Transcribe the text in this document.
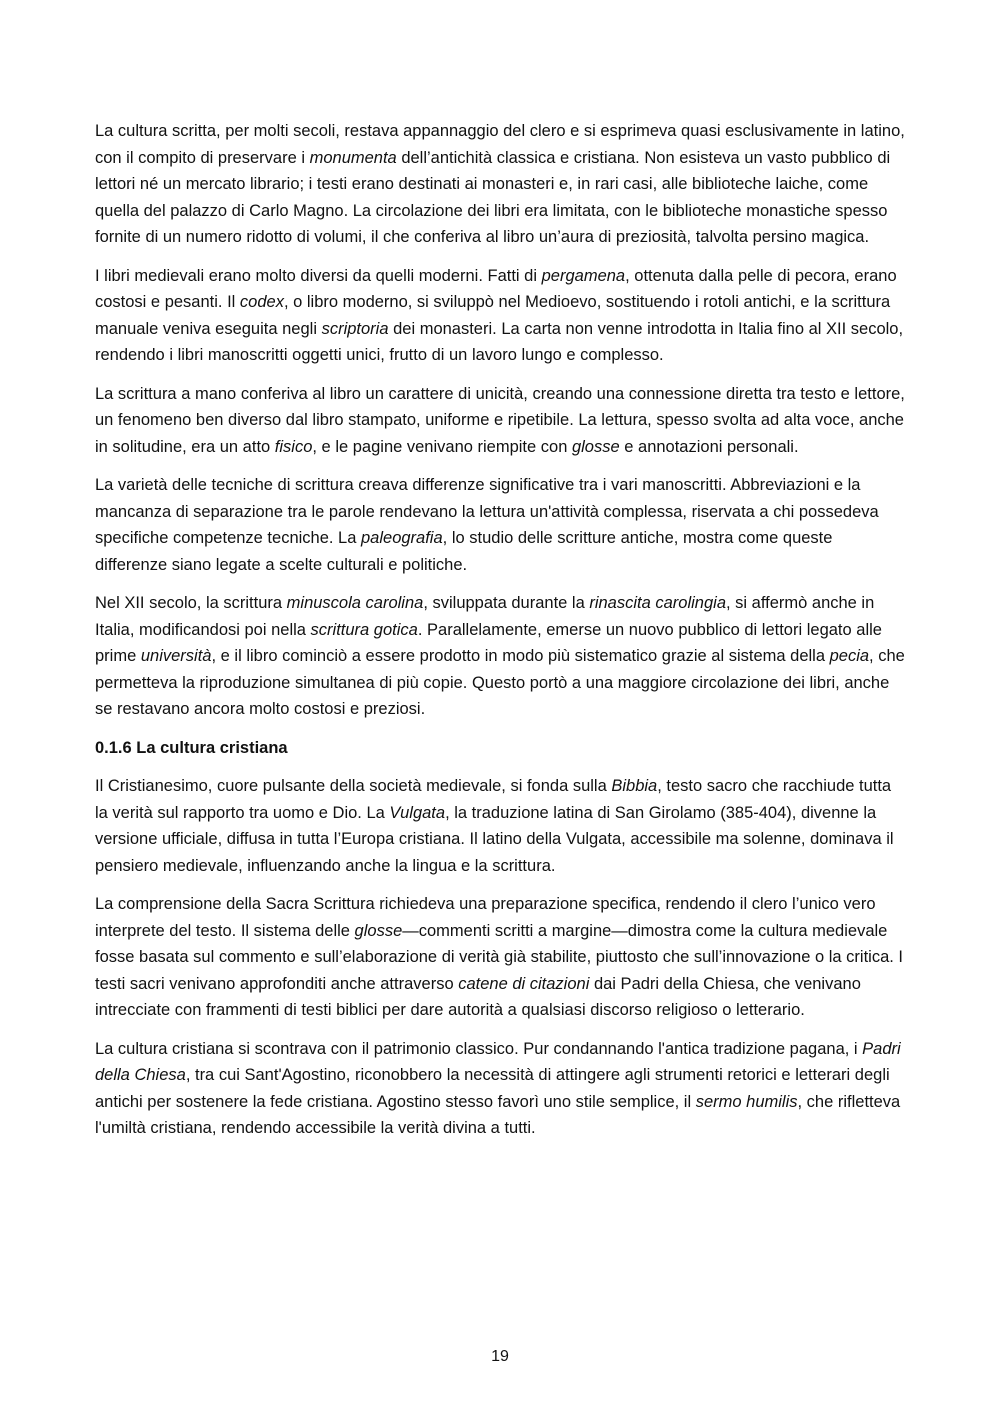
La cultura scritta, per molti secoli, restava appannaggio del clero e si esprimeva quasi esclusivamente in latino, con il compito di preservare i monumenta dell’antichità classica e cristiana. Non esisteva un vasto pubblico di lettori né un mercato librario; i testi erano destinati ai monasteri e, in rari casi, alle biblioteche laiche, come quella del palazzo di Carlo Magno. La circolazione dei libri era limitata, con le biblioteche monastiche spesso fornite di un numero ridotto di volumi, il che conferiva al libro un’aura di preziosità, talvolta persino magica.

I libri medievali erano molto diversi da quelli moderni. Fatti di pergamena, ottenuta dalla pelle di pecora, erano costosi e pesanti. Il codex, o libro moderno, si sviluppò nel Medioevo, sostituendo i rotoli antichi, e la scrittura manuale veniva eseguita negli scriptoria dei monasteri. La carta non venne introdotta in Italia fino al XII secolo, rendendo i libri manoscritti oggetti unici, frutto di un lavoro lungo e complesso.

La scrittura a mano conferiva al libro un carattere di unicità, creando una connessione diretta tra testo e lettore, un fenomeno ben diverso dal libro stampato, uniforme e ripetibile. La lettura, spesso svolta ad alta voce, anche in solitudine, era un atto fisico, e le pagine venivano riempite con glosse e annotazioni personali.

La varietà delle tecniche di scrittura creava differenze significative tra i vari manoscritti. Abbreviazioni e la mancanza di separazione tra le parole rendevano la lettura un'attività complessa, riservata a chi possedeva specifiche competenze tecniche. La paleografia, lo studio delle scritture antiche, mostra come queste differenze siano legate a scelte culturali e politiche.

Nel XII secolo, la scrittura minuscola carolina, sviluppata durante la rinascita carolingia, si affermò anche in Italia, modificandosi poi nella scrittura gotica. Parallelamente, emerse un nuovo pubblico di lettori legato alle prime università, e il libro cominciò a essere prodotto in modo più sistematico grazie al sistema della pecia, che permetteva la riproduzione simultanea di più copie. Questo portò a una maggiore circolazione dei libri, anche se restavano ancora molto costosi e preziosi.

0.1.6 La cultura cristiana

Il Cristianesimo, cuore pulsante della società medievale, si fonda sulla Bibbia, testo sacro che racchiude tutta la verità sul rapporto tra uomo e Dio. La Vulgata, la traduzione latina di San Girolamo (385-404), divenne la versione ufficiale, diffusa in tutta l’Europa cristiana. Il latino della Vulgata, accessibile ma solenne, dominava il pensiero medievale, influenzando anche la lingua e la scrittura.

La comprensione della Sacra Scrittura richiedeva una preparazione specifica, rendendo il clero l’unico vero interprete del testo. Il sistema delle glosse—commenti scritti a margine—dimostra come la cultura medievale fosse basata sul commento e sull’elaborazione di verità già stabilite, piuttosto che sull’innovazione o la critica. I testi sacri venivano approfonditi anche attraverso catene di citazioni dai Padri della Chiesa, che venivano intrecciate con frammenti di testi biblici per dare autorità a qualsiasi discorso religioso o letterario.

La cultura cristiana si scontrava con il patrimonio classico. Pur condannando l'antica tradizione pagana, i Padri della Chiesa, tra cui Sant'Agostino, riconobbero la necessità di attingere agli strumenti retorici e letterari degli antichi per sostenere la fede cristiana. Agostino stesso favorì uno stile semplice, il sermo humilis, che rifletteva l'umiltà cristiana, rendendo accessibile la verità divina a tutti.

19
